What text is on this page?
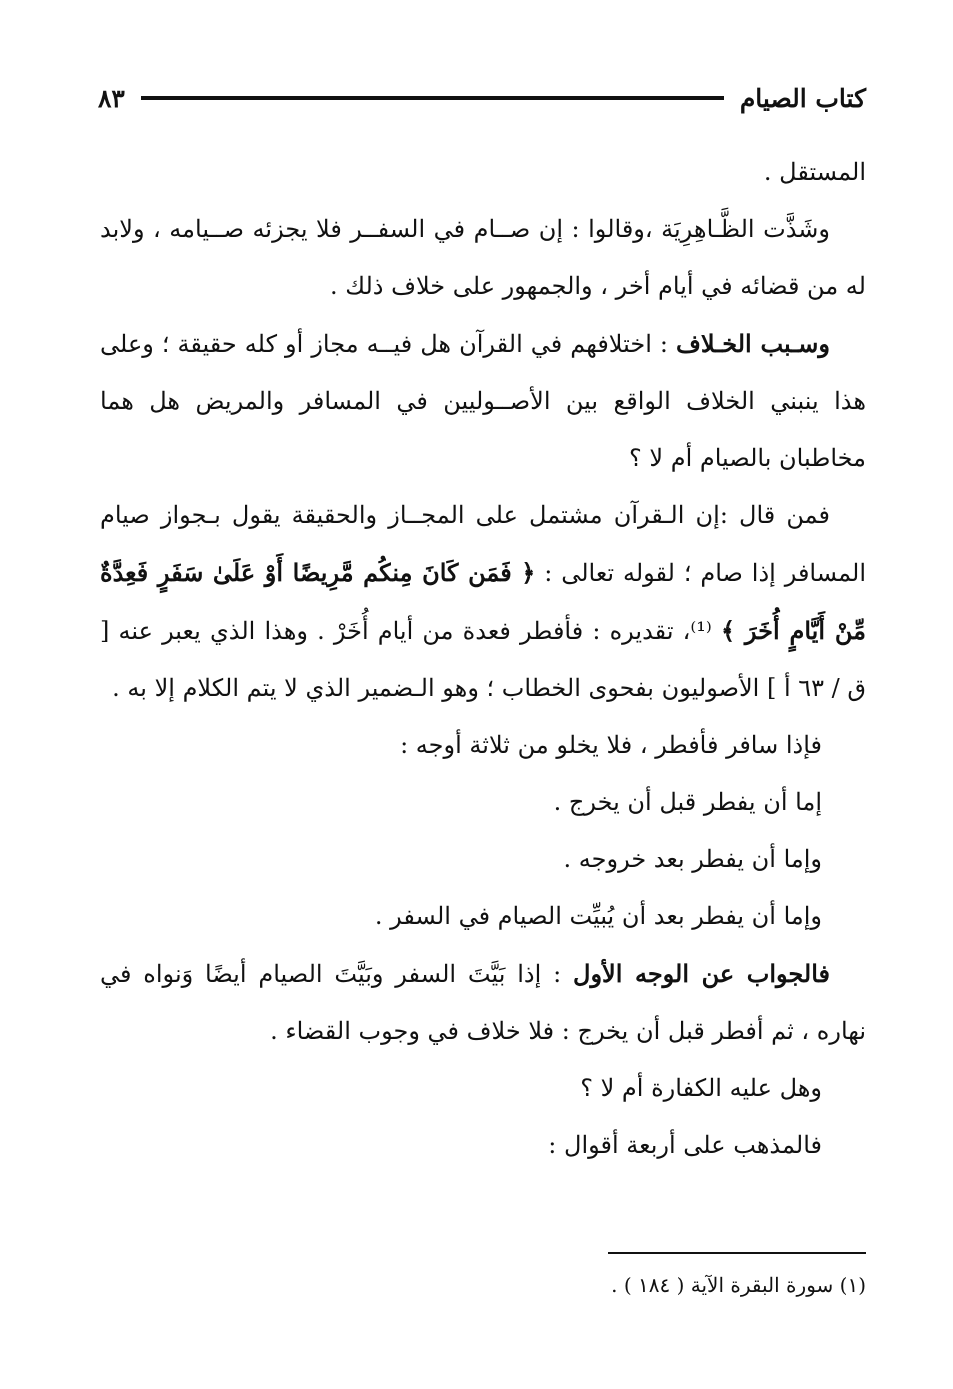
كتاب الصيام
٨٣

المستقل .

وشَذَّت الظَّـاهِرِيَة ،وقالوا : إن صــام في السفــر فلا يجزئه صــيامه ، ولابد له من قضائه في أيام أخر ، والجمهور على خلاف ذلك .

وسـبب الخـلاف : اختلافهم في القرآن هل فيــه مجاز أو كله حقيقة ؛ وعلى هذا ينبني الخلاف الواقع بين الأصــوليين في المسافر والمريض هل هما مخاطبان بالصيام أم لا ؟

فمن قال :إن الـقرآن مشتمل على المجــاز والحقيقة يقول بـجواز صيام المسافر إذا صام ؛ لقوله تعالى : ﴿ فَمَن كَانَ مِنكُم مَّرِيضًا أَوْ عَلَىٰ سَفَرٍ فَعِدَّةٌ مِّنْ أَيَّامٍ أُخَرَ ﴾ ⁽¹⁾، تقديره : فأفطر فعدة من أيام أُخَرْ . وهذا الذي يعبر عنه [ ق / ٦٣ أ ] الأصوليون بفحوى الخطاب ؛ وهو الـضمير الذي لا يتم الكلام إلا به .

فإذا سافر فأفطر ، فلا يخلو من ثلاثة أوجه :

إما أن يفطر قبل أن يخرج .

وإما أن يفطر بعد خروجه .

وإما أن يفطر بعد أن يُبيِّت الصيام في السفر .

فالجواب عن الوجه الأول : إذا بَيَّتَ السفر وبَيَّتَ الصيام أيضًا وَنواه في نهاره ، ثم أفطر قبل أن يخرج : فلا خلاف في وجوب القضاء .

وهل عليه الكفارة أم لا ؟

فالمذهب على أربعة أقوال :

(١) سورة البقرة الآية ( ١٨٤ ) .
